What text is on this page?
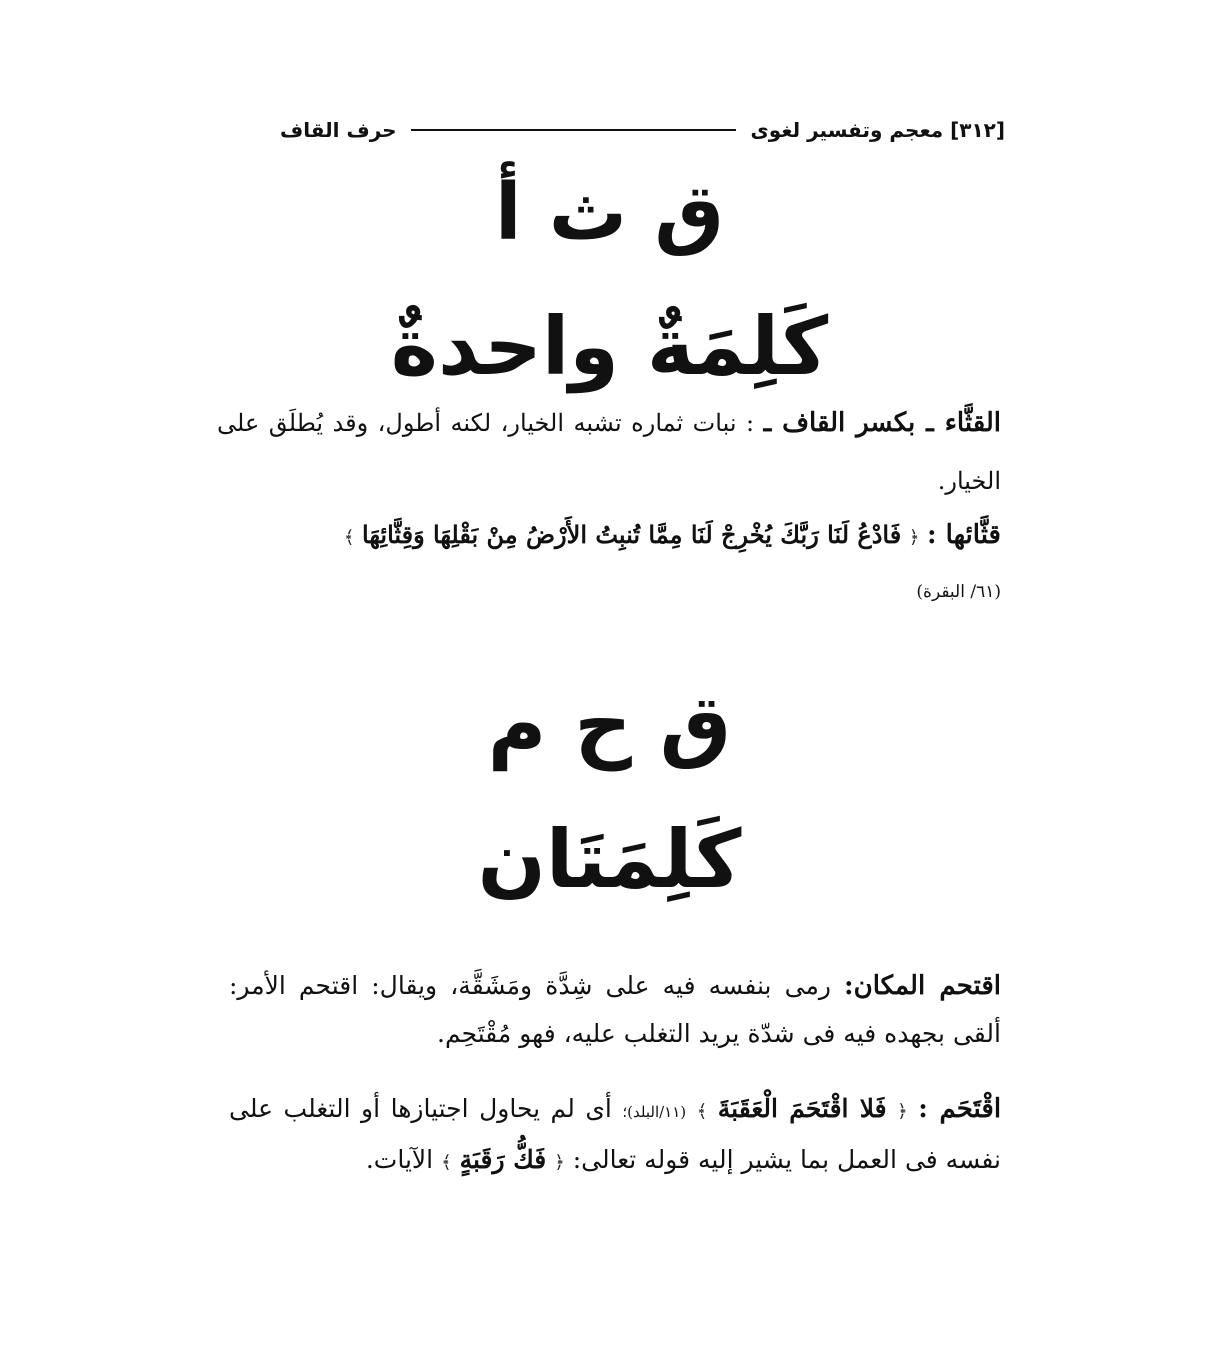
[٣١٢] معجم وتفسير لغوى
حرف القاف
ق ث أ
كَلِمَةٌ واحدةٌ
القثَّاء ـ بكسر القاف ـ : نبات ثماره تشبه الخيار، لكنه أطول، وقد يُطلَق على الخيار.
قثَّائها : ﴿ فَادْعُ لَنَا رَبَّكَ يُخْرِجْ لَنَا مِمَّا تُنبِتُ الأَرْضُ مِنْ بَقْلِهَا وَقِثَّائِهَا ﴾
(٦١/ البقرة)
ق ح م
كَلِمَتَان
اقتحم المكان: رمى بنفسه فيه على شِدَّة ومَشَقَّة، ويقال: اقتحم الأمر: ألقى بجهده فيه فى شدّة يريد التغلب عليه، فهو مُقْتَحِم.
اقْتَحَم : ﴿ فَلا اقْتَحَمَ الْعَقَبَةَ ﴾ (١١/البلد)؛ أى لم يحاول اجتيازها أو التغلب على نفسه فى العمل بما يشير إليه قوله تعالى: ﴿ فَكُّ رَقَبَةٍ ﴾ الآيات.
